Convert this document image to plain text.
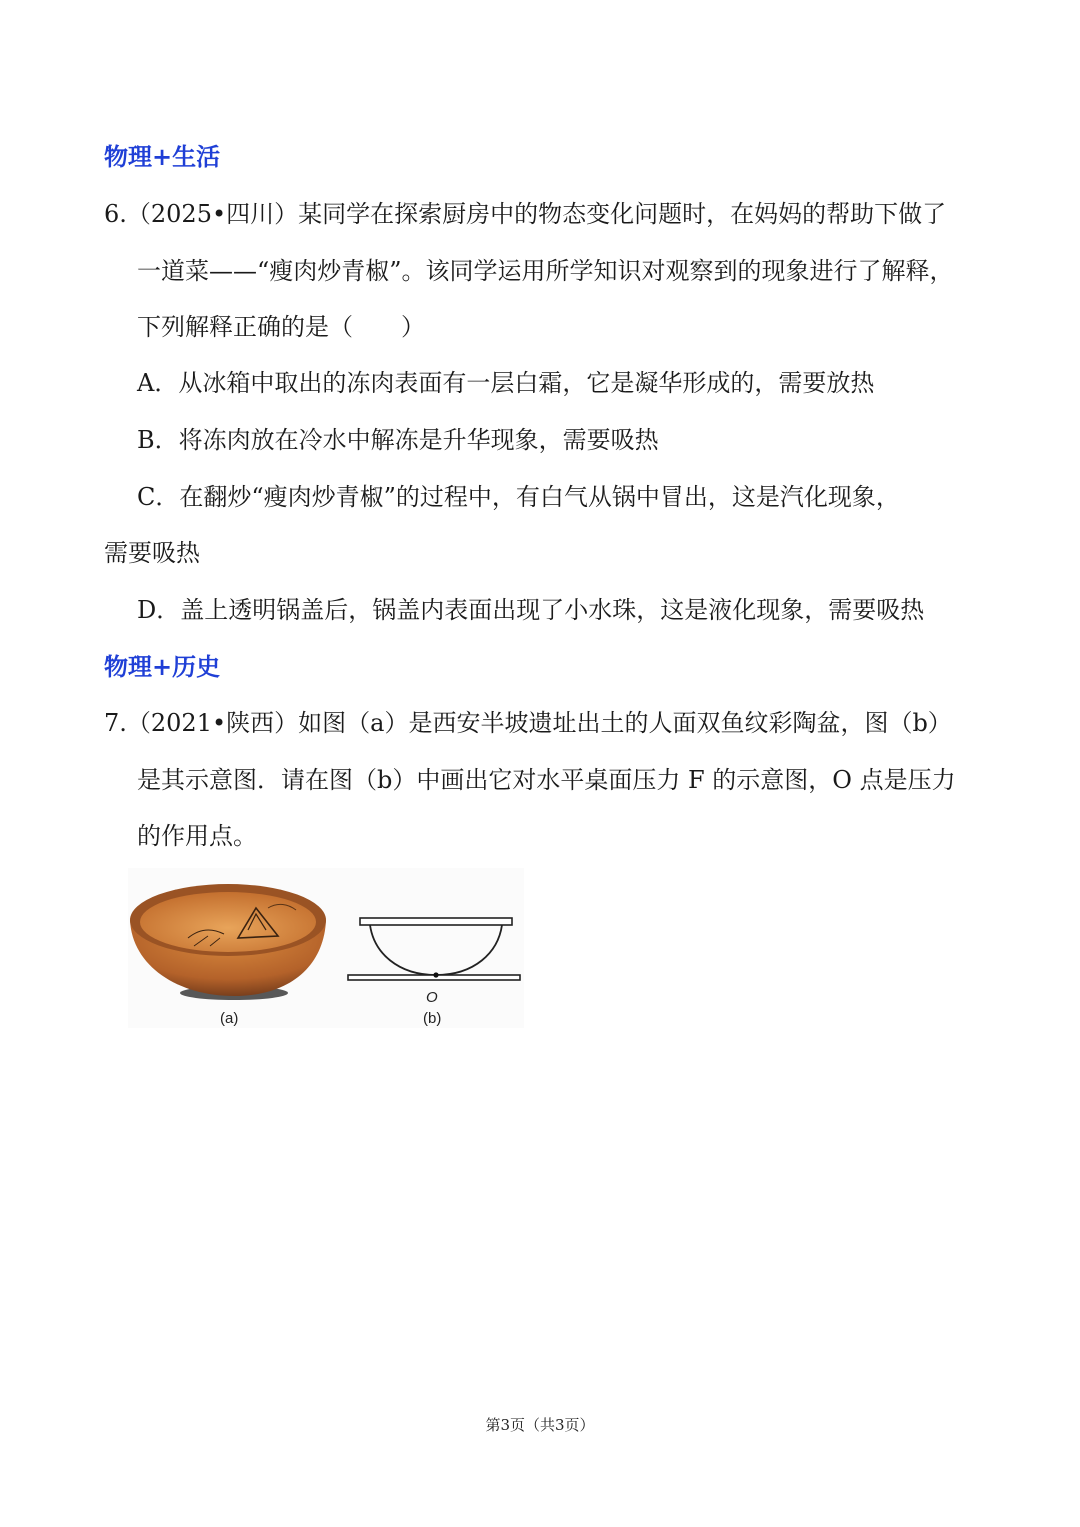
物理+生活
6.（2025•四川）某同学在探索厨房中的物态变化问题时，在妈妈的帮助下做了
一道菜——“瘦肉炒青椒”。该同学运用所学知识对观察到的现象进行了解释，
下列解释正确的是（　　）
A．从冰箱中取出的冻肉表面有一层白霜，它是凝华形成的，需要放热
B．将冻肉放在冷水中解冻是升华现象，需要吸热
C．在翻炒“瘦肉炒青椒”的过程中，有白气从锅中冒出，这是汽化现象，
需要吸热
D．盖上透明锅盖后，锅盖内表面出现了小水珠，这是液化现象，需要吸热
物理+历史
7.（2021•陕西）如图（a）是西安半坡遗址出土的人面双鱼纹彩陶盆，图（b）
是其示意图．请在图（b）中画出它对水平桌面压力 F 的示意图，O 点是压力
的作用点。
O
(a)	(b)
第3页（共3页）
